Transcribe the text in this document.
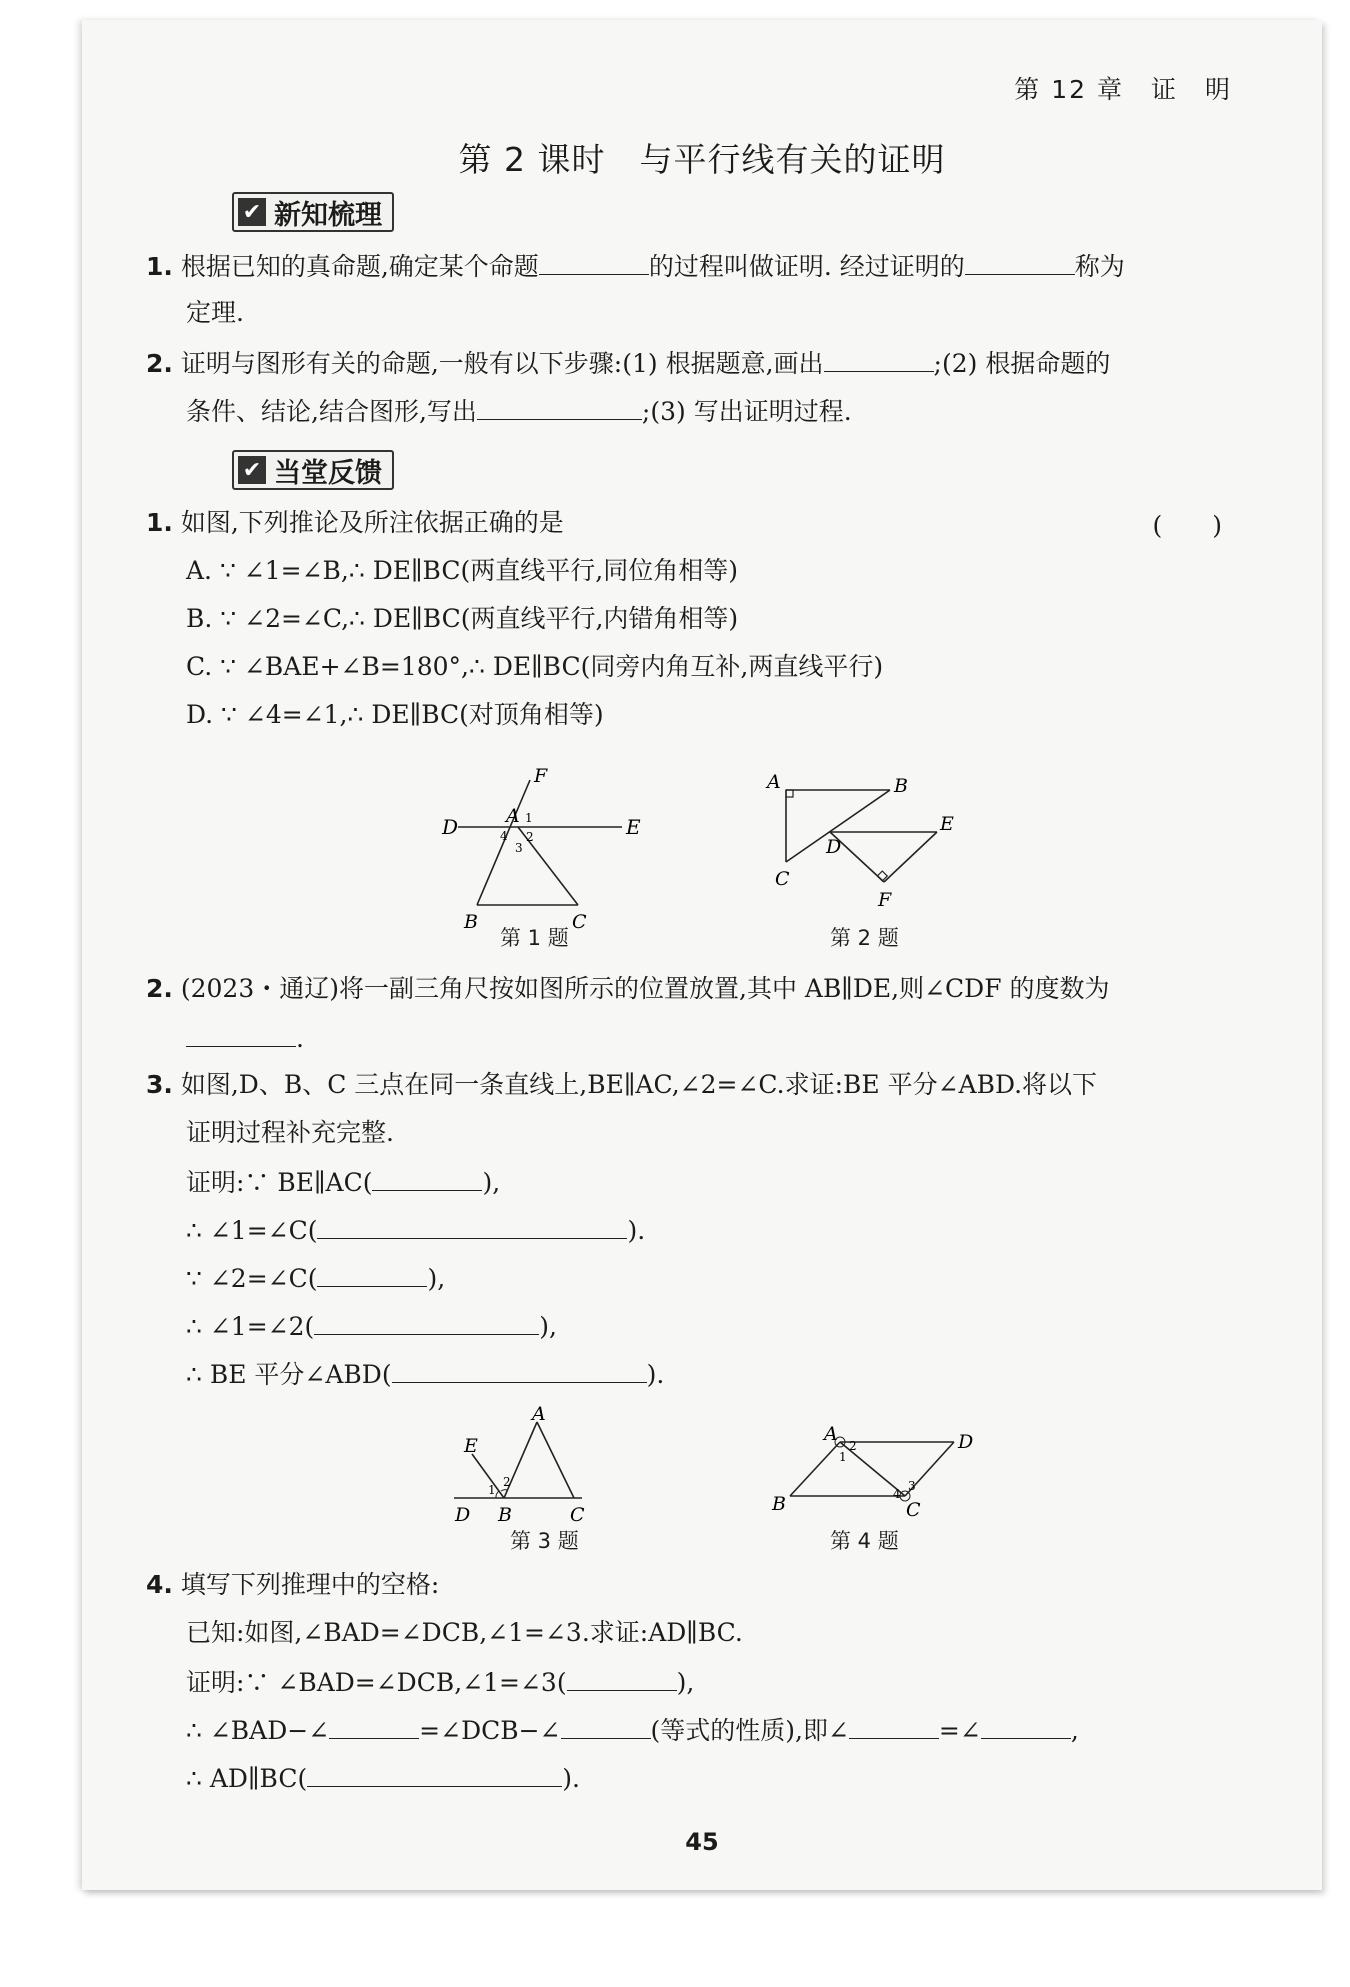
第 12 章　证　明
第 2 课时　与平行线有关的证明
✔ 新知梳理
1. 根据已知的真命题,确定某个命题	的过程叫做证明. 经过证明的	称为
定理.
2. 证明与图形有关的命题,一般有以下步骤:(1) 根据题意,画出	;(2) 根据命题的
条件、结论,结合图形,写出	;(3) 写出证明过程.
✔ 当堂反馈
1. 如图,下列推论及所注依据正确的是	(　　)
A. ∵ ∠1=∠B,∴ DE∥BC(两直线平行,同位角相等)
B. ∵ ∠2=∠C,∴ DE∥BC(两直线平行,内错角相等)
C. ∵ ∠BAE+∠B=180°,∴ DE∥BC(同旁内角互补,两直线平行)
D. ∵ ∠4=∠1,∴ DE∥BC(对顶角相等)
D	E
A
F
B	C
1
2
3
4
第 1 题
A	B
C
D
E
F
第 2 题
2. (2023・通辽)将一副三角尺按如图所示的位置放置,其中 AB∥DE,则∠CDF 的度数为
.
3. 如图,D、B、C 三点在同一条直线上,BE∥AC,∠2=∠C.求证:BE 平分∠ABD.将以下
证明过程补充完整.
证明:∵ BE∥AC(	),
∴ ∠1=∠C(	).
∵ ∠2=∠C(	),
∴ ∠1=∠2(	),
∴ BE 平分∠ABD(	).
E
A
D B	C
1
2
第 3 题
A	D
B	C
1
2
3
4
第 4 题
4. 填写下列推理中的空格:
已知:如图,∠BAD=∠DCB,∠1=∠3.求证:AD∥BC.
证明:∵ ∠BAD=∠DCB,∠1=∠3(	),
∴ ∠BAD−∠	=∠DCB−∠	(等式的性质),即∠	=∠	,
∴ AD∥BC(	).
45
